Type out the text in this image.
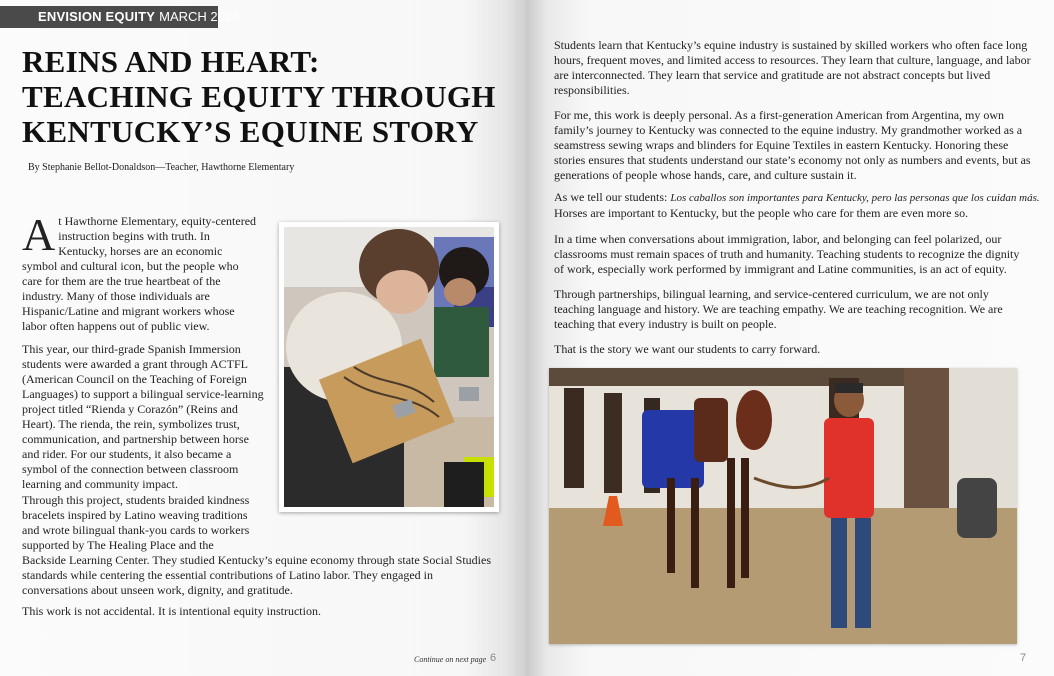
ENVISION EQUITY MARCH 2026
REINS AND HEART:
TEACHING EQUITY THROUGH
KENTUCKY’S EQUINE STORY
By Stephanie Bellot-Donaldson—Teacher, Hawthorne Elementary

A t Hawthorne Elementary, equity-centered
instruction begins with truth. In
Kentucky, horses are an economic
symbol and cultural icon, but the people who
care for them are the true heartbeat of the
industry. Many of those individuals are
Hispanic/Latine and migrant workers whose
labor often happens out of public view.

This year, our third-grade Spanish Immersion
students were awarded a grant through ACTFL
(American Council on the Teaching of Foreign
Languages) to support a bilingual service-learning
project titled “Rienda y Corazón” (Reins and
Heart). The rienda, the rein, symbolizes trust,
communication, and partnership between horse
and rider. For our students, it also became a
symbol of the connection between classroom
learning and community impact.

Through this project, students braided kindness
bracelets inspired by Latino weaving traditions
and wrote bilingual thank-you cards to workers
supported by The Healing Place and the
Backside Learning Center. They studied Kentucky’s equine economy through state Social Studies
standards while centering the essential contributions of Latino labor. They engaged in
conversations about unseen work, dignity, and gratitude.

This work is not accidental. It is intentional equity instruction.

Continue on next page 6

Students learn that Kentucky’s equine industry is sustained by skilled workers who often face long
hours, frequent moves, and limited access to resources. They learn that culture, language, and labor
are interconnected. They learn that service and gratitude are not abstract concepts but lived
responsibilities.

For me, this work is deeply personal. As a first-generation American from Argentina, my own
family’s journey to Kentucky was connected to the equine industry. My grandmother worked as a
seamstress sewing wraps and blinders for Equine Textiles in eastern Kentucky. Honoring these
stories ensures that students understand our state’s economy not only as numbers and events, but as
generations of people whose hands, care, and culture sustain it.

As we tell our students: Los caballos son importantes para Kentucky, pero las personas que los cuidan más.
Horses are important to Kentucky, but the people who care for them are even more so.

In a time when conversations about immigration, labor, and belonging can feel polarized, our
classrooms must remain spaces of truth and humanity. Teaching students to recognize the dignity
of work, especially work performed by immigrant and Latine communities, is an act of equity.

Through partnerships, bilingual learning, and service-centered curriculum, we are not only
teaching language and history. We are teaching empathy. We are teaching recognition. We are
teaching that every industry is built on people.

That is the story we want our students to carry forward.

7
